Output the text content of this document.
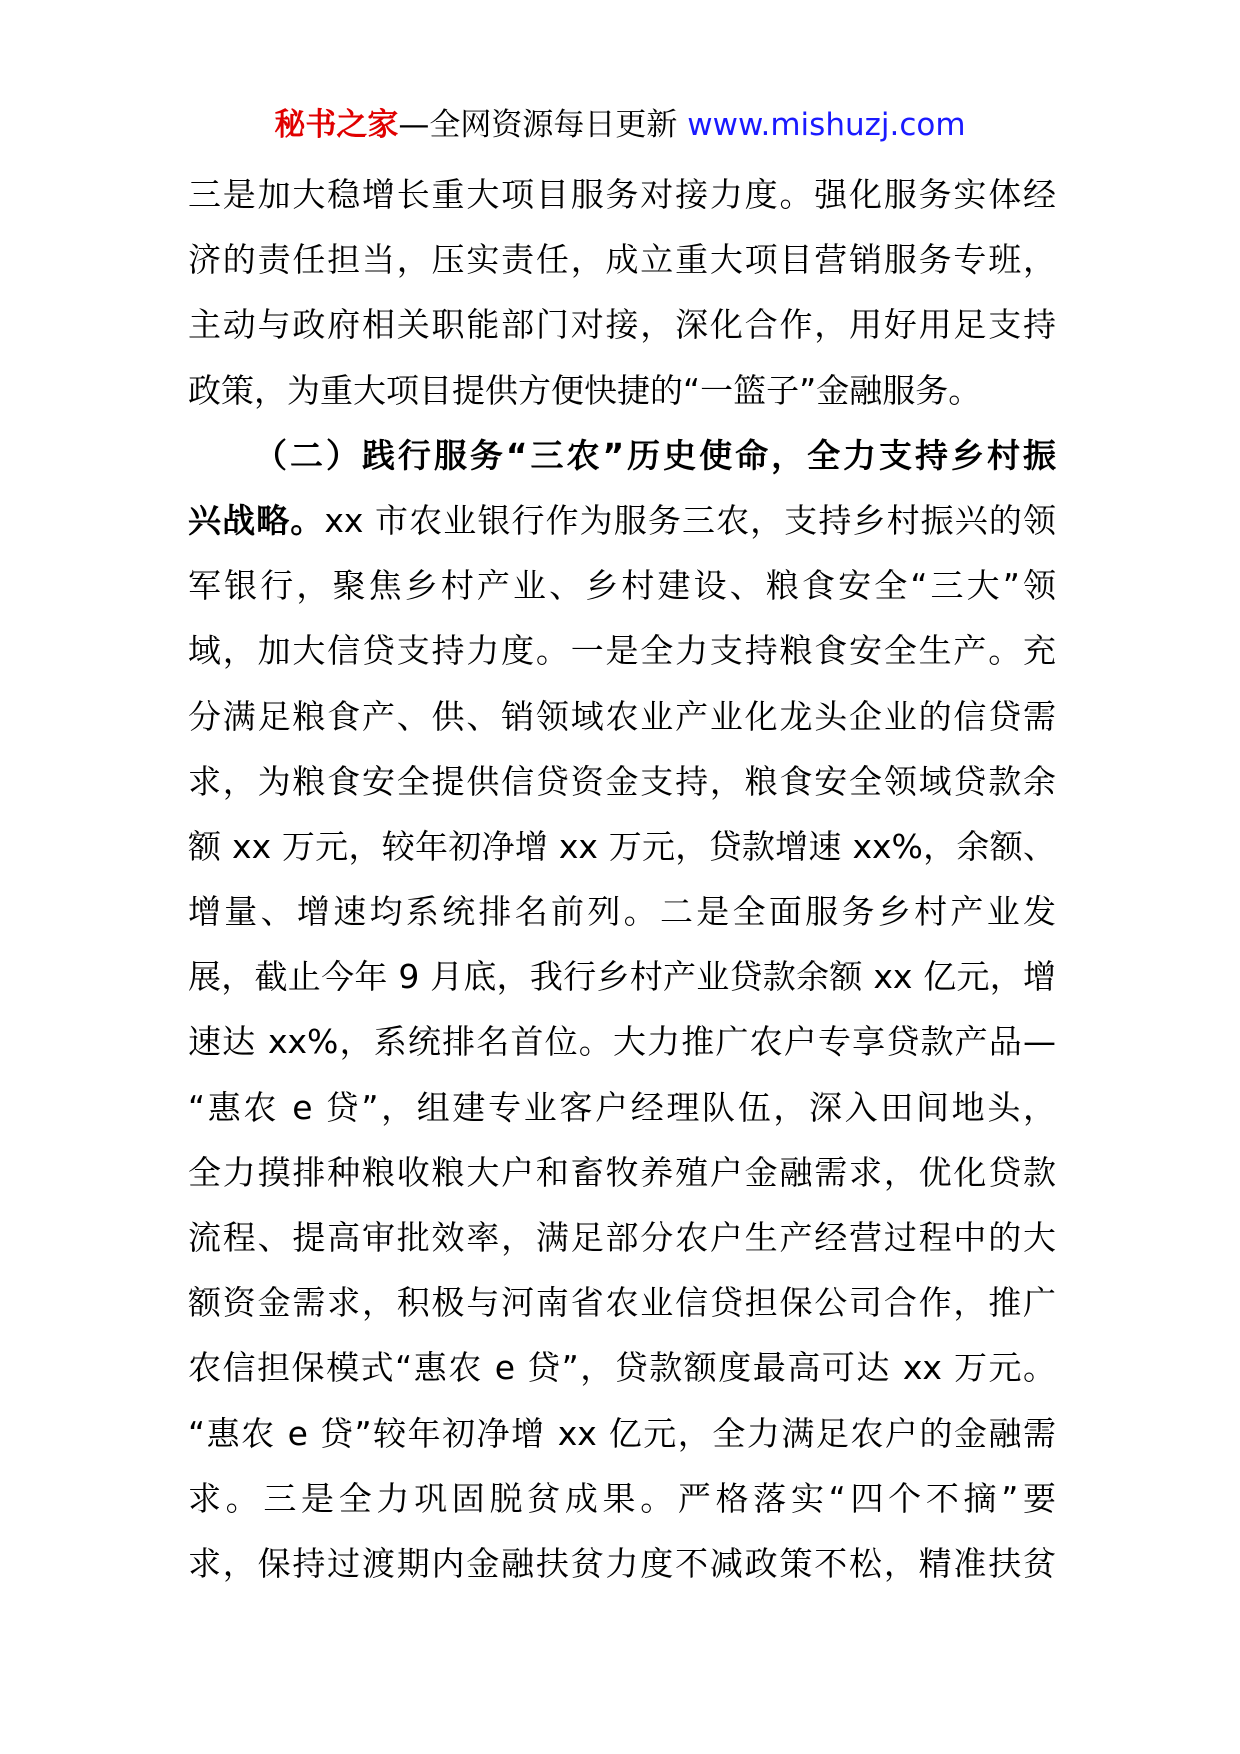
秘书之家—全网资源每日更新 www.mishuzj.com
三是加大稳增长重大项目服务对接力度。强化服务实体经
济的责任担当，压实责任，成立重大项目营销服务专班，
主动与政府相关职能部门对接，深化合作，用好用足支持
政策，为重大项目提供方便快捷的“一篮子”金融服务。
（二）践行服务“三农”历史使命，全力支持乡村振
兴战略。xx 市农业银行作为服务三农，支持乡村振兴的领
军银行，聚焦乡村产业、乡村建设、粮食安全“三大”领
域，加大信贷支持力度。一是全力支持粮食安全生产。充
分满足粮食产、供、销领域农业产业化龙头企业的信贷需
求，为粮食安全提供信贷资金支持，粮食安全领域贷款余
额 xx 万元，较年初净增 xx 万元，贷款增速 xx%，余额、
增量、增速均系统排名前列。二是全面服务乡村产业发
展，截止今年 9 月底，我行乡村产业贷款余额 xx 亿元，增
速达 xx%，系统排名首位。大力推广农户专享贷款产品—
“惠农 e 贷”，组建专业客户经理队伍，深入田间地头，
全力摸排种粮收粮大户和畜牧养殖户金融需求，优化贷款
流程、提高审批效率，满足部分农户生产经营过程中的大
额资金需求，积极与河南省农业信贷担保公司合作，推广
农信担保模式“惠农 e 贷”，贷款额度最高可达 xx 万元。
“惠农 e 贷”较年初净增 xx 亿元，全力满足农户的金融需
求。三是全力巩固脱贫成果。严格落实“四个不摘”要
求，保持过渡期内金融扶贫力度不减政策不松，精准扶贫
